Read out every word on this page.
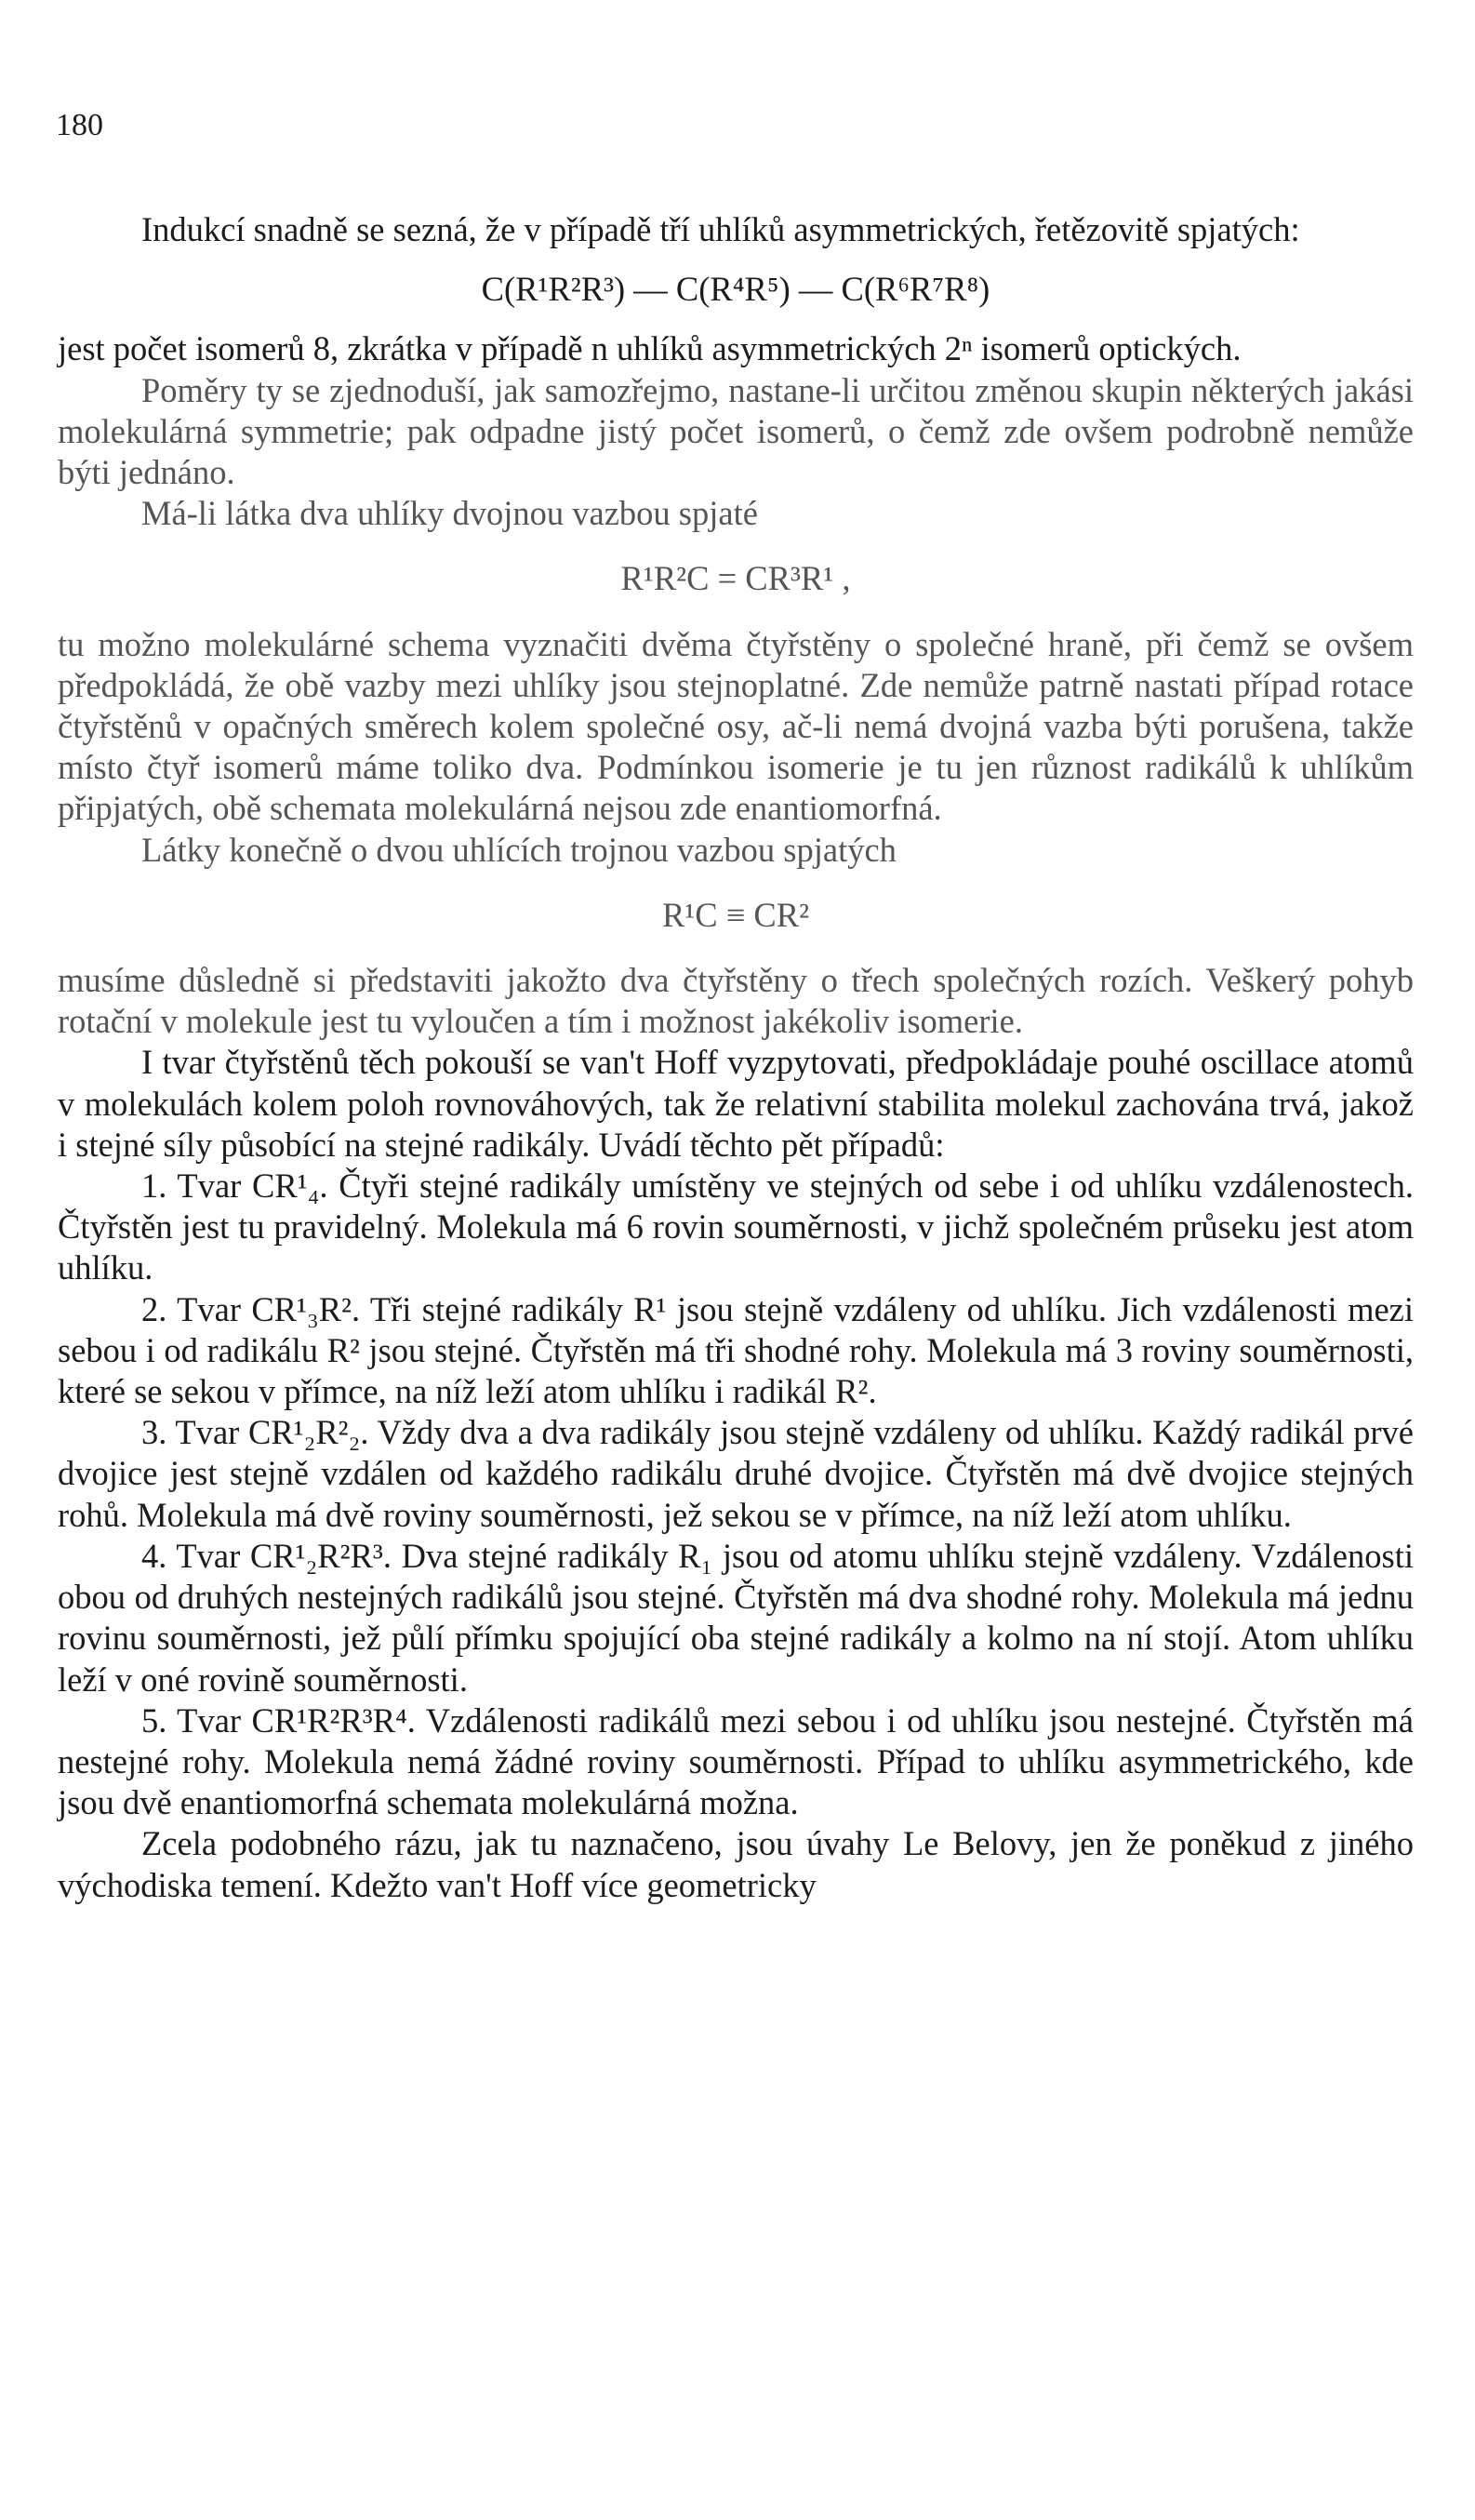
180

Indukcí snadně se sezná, že v případě tří uhlíků asymmetrických, řetězovitě spjatých:

C(R¹R²R³) — C(R⁴R⁵) — C(R⁶R⁷R⁸)

jest počet isomerů 8, zkrátka v případě n uhlíků asymmetrických 2ⁿ isomerů optických.

Poměry ty se zjednoduší, jak samozřejmo, nastane-li určitou změnou skupin některých jakási molekulárná symmetrie; pak odpadne jistý počet isomerů, o čemž zde ovšem podrobně nemůže býti jednáno.

Má-li látka dva uhlíky dvojnou vazbou spjaté

R¹R²C = CR³R¹ ,

tu možno molekulárné schema vyznačiti dvěma čtyřstěny o společné hraně, při čemž se ovšem předpokládá, že obě vazby mezi uhlíky jsou stejnoplatné. Zde nemůže patrně nastati případ rotace čtyřstěnů v opačných směrech kolem společné osy, ač-li nemá dvojná vazba býti porušena, takže místo čtyř isomerů máme toliko dva. Podmínkou isomerie je tu jen různost radikálů k uhlíkům připjatých, obě schemata molekulárná nejsou zde enantiomorfná.

Látky konečně o dvou uhlících trojnou vazbou spjatých

R¹C ≡ CR²

musíme důsledně si představiti jakožto dva čtyřstěny o třech společných rozích. Veškerý pohyb rotační v molekule jest tu vyloučen a tím i možnost jakékoliv isomerie.

I tvar čtyřstěnů těch pokouší se van't Hoff vyzpytovati, předpokládaje pouhé oscillace atomů v molekulách kolem poloh rovnováhových, tak že relativní stabilita molekul zachována trvá, jakož i stejné síly působící na stejné radikály. Uvádí těchto pět případů:

1. Tvar CR¹₄. Čtyři stejné radikály umístěny ve stejných od sebe i od uhlíku vzdálenostech. Čtyřstěn jest tu pravidelný. Molekula má 6 rovin souměrnosti, v jichž společném průseku jest atom uhlíku.

2. Tvar CR¹₃R². Tři stejné radikály R¹ jsou stejně vzdáleny od uhlíku. Jich vzdálenosti mezi sebou i od radikálu R² jsou stejné. Čtyřstěn má tři shodné rohy. Molekula má 3 roviny souměrnosti, které se sekou v přímce, na níž leží atom uhlíku i radikál R².

3. Tvar CR¹₂R²₂. Vždy dva a dva radikály jsou stejně vzdáleny od uhlíku. Každý radikál prvé dvojice jest stejně vzdálen od každého radikálu druhé dvojice. Čtyřstěn má dvě dvojice stejných rohů. Molekula má dvě roviny souměrnosti, jež sekou se v přímce, na níž leží atom uhlíku.

4. Tvar CR¹₂R²R³. Dva stejné radikály R₁ jsou od atomu uhlíku stejně vzdáleny. Vzdálenosti obou od druhých nestejných radikálů jsou stejné. Čtyřstěn má dva shodné rohy. Molekula má jednu rovinu souměrnosti, jež půlí přímku spojující oba stejné radikály a kolmo na ní stojí. Atom uhlíku leží v oné rovině souměrnosti.

5. Tvar CR¹R²R³R⁴. Vzdálenosti radikálů mezi sebou i od uhlíku jsou nestejné. Čtyřstěn má nestejné rohy. Molekula nemá žádné roviny souměrnosti. Případ to uhlíku asymmetrického, kde jsou dvě enantiomorfná schemata molekulárná možna.

Zcela podobného rázu, jak tu naznačeno, jsou úvahy Le Belovy, jen že poněkud z jiného východiska temení. Kdežto van't Hoff více geometricky
